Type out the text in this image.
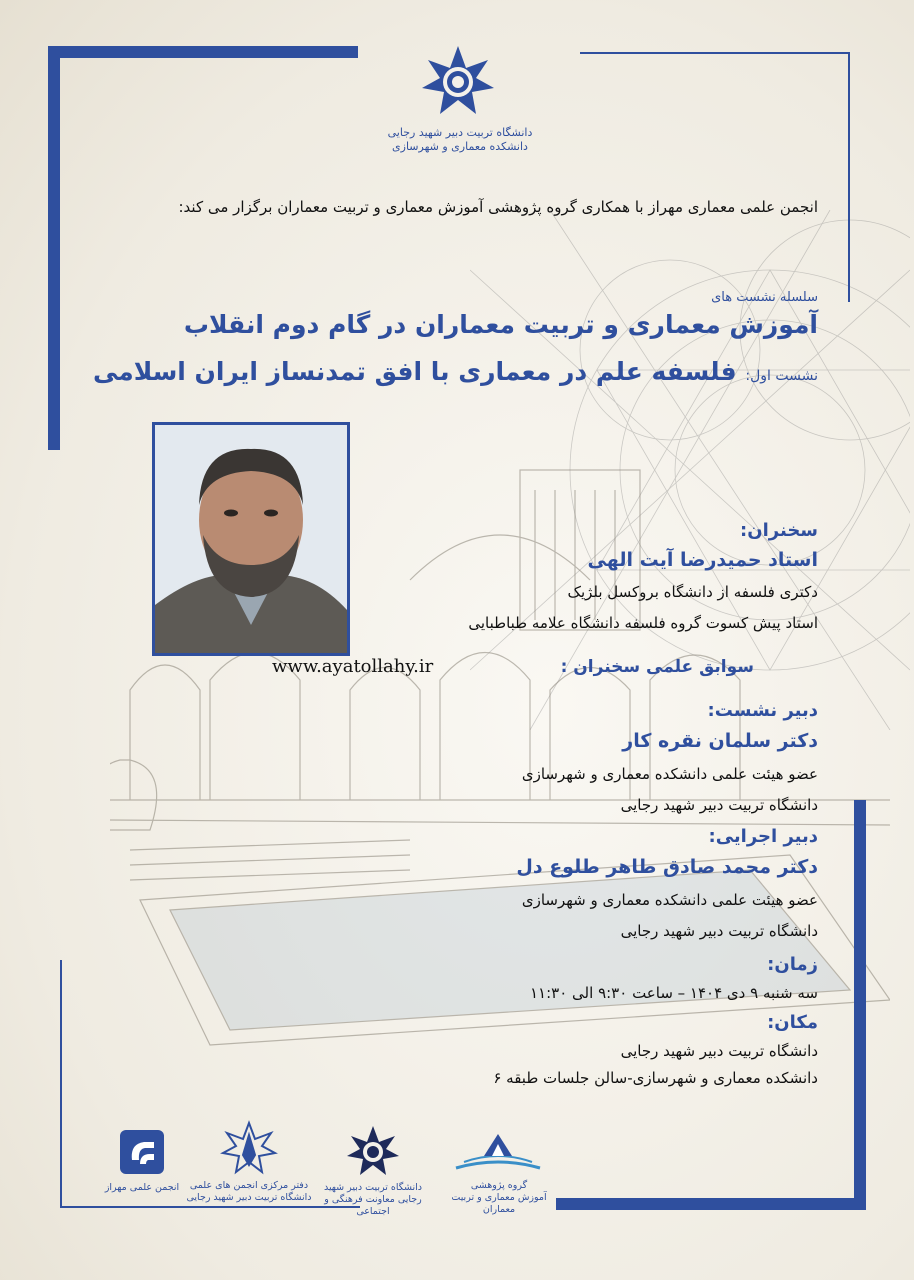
دانشگاه تربیت دبیر شهید رجایی
دانشکده معماری و شهرسازی
انجمن علمی معماری مهراز با همکاری گروه پژوهشی آموزش معماری و تربیت معماران برگزار می کند:
سلسله نشست های
آموزش معماری و تربیت معماران در گام دوم انقلاب
نشست اول: فلسفه علم در معماری با افق تمدنساز ایران اسلامی
سخنران:
استاد حمیدرضا آیت الهی
دکتری فلسفه از دانشگاه بروکسل بلژیک
استاد پیش کسوت گروه فلسفه دانشگاه علامه طباطبایی
سوابق علمی سخنران :
www.ayatollahy.ir
دبیر نشست:
دکتر سلمان نقره کار
عضو هیئت علمی دانشکده معماری و شهرسازی
دانشگاه تربیت دبیر شهید رجایی
دبیر اجرایی:
دکتر محمد صادق طاهر طلوع دل
عضو هیئت علمی دانشکده معماری و شهرسازی
دانشگاه تربیت دبیر شهید رجایی
زمان:
سه شنبه ۹ دی ۱۴۰۴ – ساعت ۹:۳۰ الی ۱۱:۳۰
مکان:
دانشگاه تربیت دبیر شهید رجایی
دانشکده معماری و شهرسازی-سالن جلسات طبقه ۶
انجمن علمی مهراز	دفتر مرکزی انجمن های علمی دانشگاه تربیت دبیر شهید رجایی
دانشگاه تربیت دبیر شهید رجایی معاونت فرهنگی و اجتماعی
گروه پژوهشی
آموزش معماری و تربیت معماران
